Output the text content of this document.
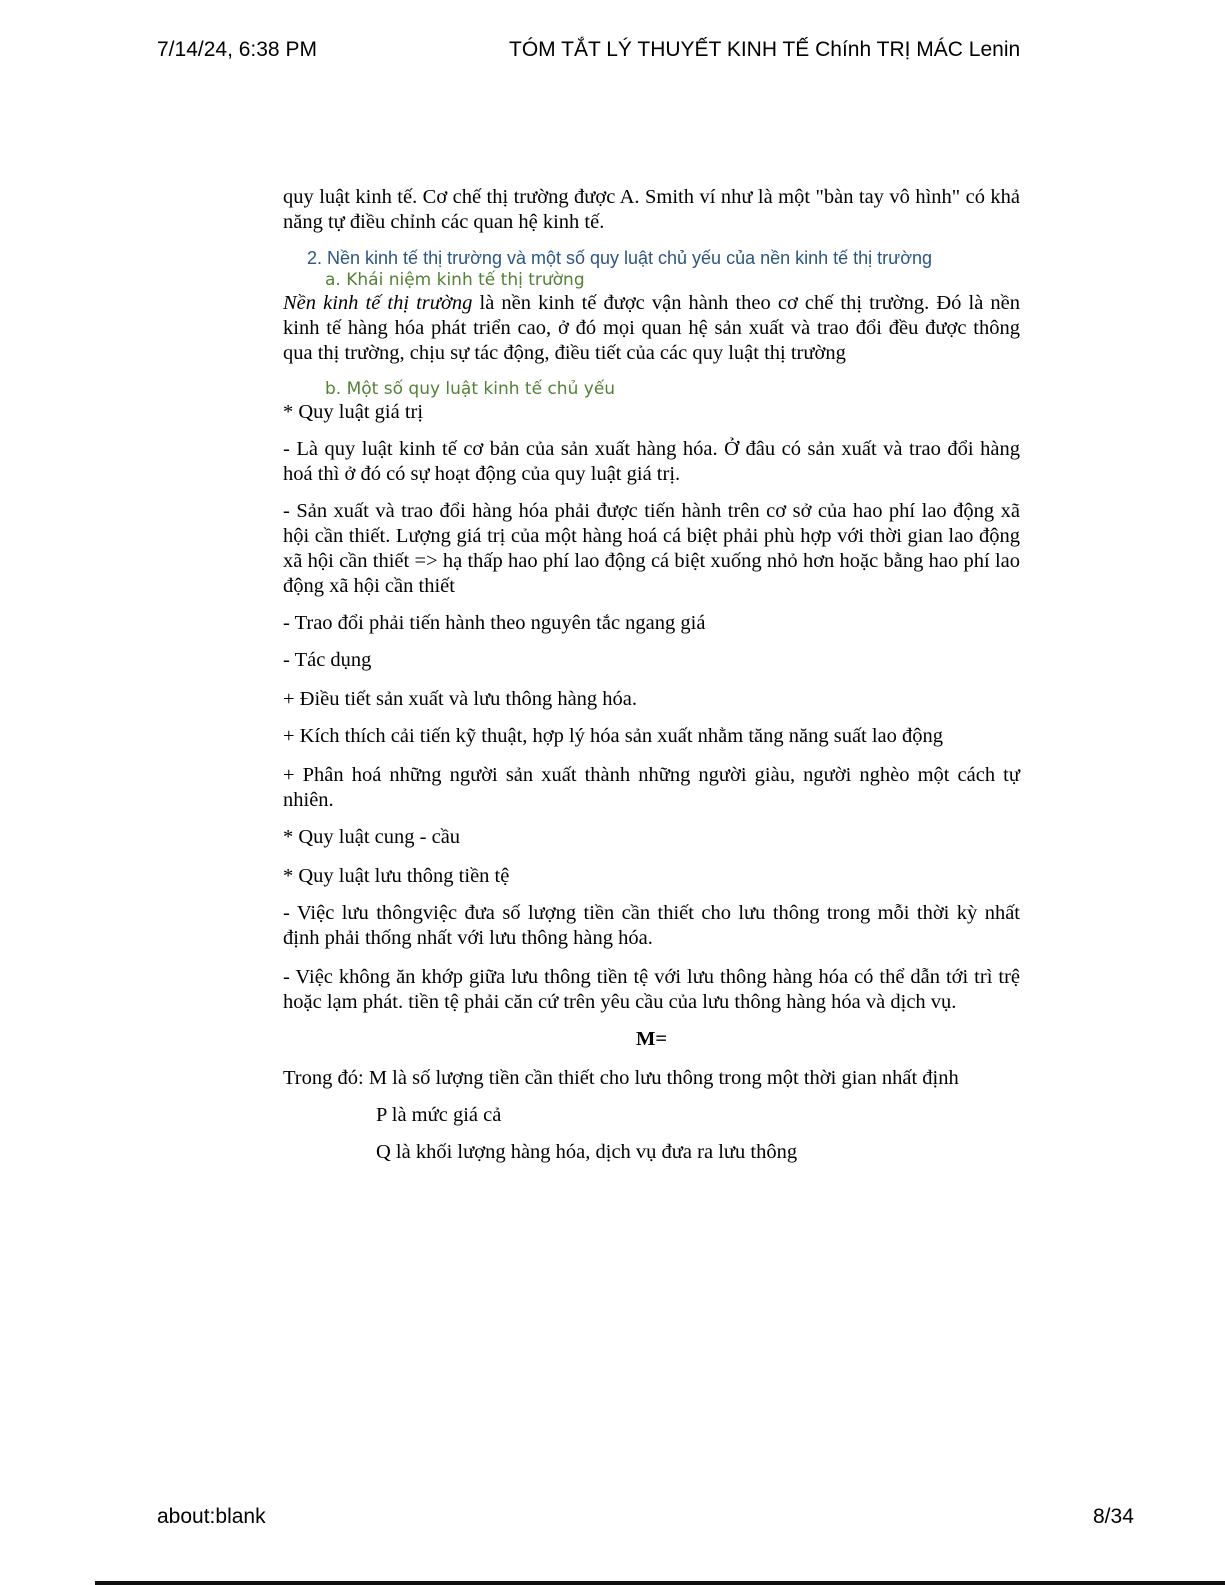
7/14/24, 6:38 PM	TÓM TẮT LÝ THUYẾT KINH TẾ Chính TRỊ MÁC Lenin

quy luật kinh tế. Cơ chế thị trường được A. Smith ví như là một "bàn tay vô hình" có khả năng tự điều chỉnh các quan hệ kinh tế.

2. Nền kinh tế thị trường và một số quy luật chủ yếu của nền kinh tế thị trường

a. Khái niệm kinh tế thị trường

Nền kinh tế thị trường là nền kinh tế được vận hành theo cơ chế thị trường. Đó là nền kinh tế hàng hóa phát triển cao, ở đó mọi quan hệ sản xuất và trao đổi đều được thông qua thị trường, chịu sự tác động, điều tiết của các quy luật thị trường

b. Một số quy luật kinh tế chủ yếu

* Quy luật giá trị

- Là quy luật kinh tế cơ bản của sản xuất hàng hóa. Ở đâu có sản xuất và trao đổi hàng hoá thì ở đó có sự hoạt động của quy luật giá trị.

- Sản xuất và trao đổi hàng hóa phải được tiến hành trên cơ sở của hao phí lao động xã hội cần thiết. Lượng giá trị của một hàng hoá cá biệt phải phù hợp với thời gian lao động xã hội cần thiết => hạ thấp hao phí lao động cá biệt xuống nhỏ hơn hoặc bằng hao phí lao động xã hội cần thiết

- Trao đổi phải tiến hành theo nguyên tắc ngang giá

- Tác dụng

+ Điều tiết sản xuất và lưu thông hàng hóa.

+ Kích thích cải tiến kỹ thuật, hợp lý hóa sản xuất nhằm tăng năng suất lao động

+ Phân hoá những người sản xuất thành những người giàu, người nghèo một cách tự nhiên.

* Quy luật cung - cầu

* Quy luật lưu thông tiền tệ

- Việc lưu thôngviệc đưa số lượng tiền cần thiết cho lưu thông trong mỗi thời kỳ nhất định phải thống nhất với lưu thông hàng hóa.

- Việc không ăn khớp giữa lưu thông tiền tệ với lưu thông hàng hóa có thể dẫn tới trì trệ hoặc lạm phát. tiền tệ phải căn cứ trên yêu cầu của lưu thông hàng hóa và dịch vụ.

M=

Trong đó: M là số lượng tiền cần thiết cho lưu thông trong một thời gian nhất định

P là mức giá cả

Q là khối lượng hàng hóa, dịch vụ đưa ra lưu thông

about:blank	8/34
